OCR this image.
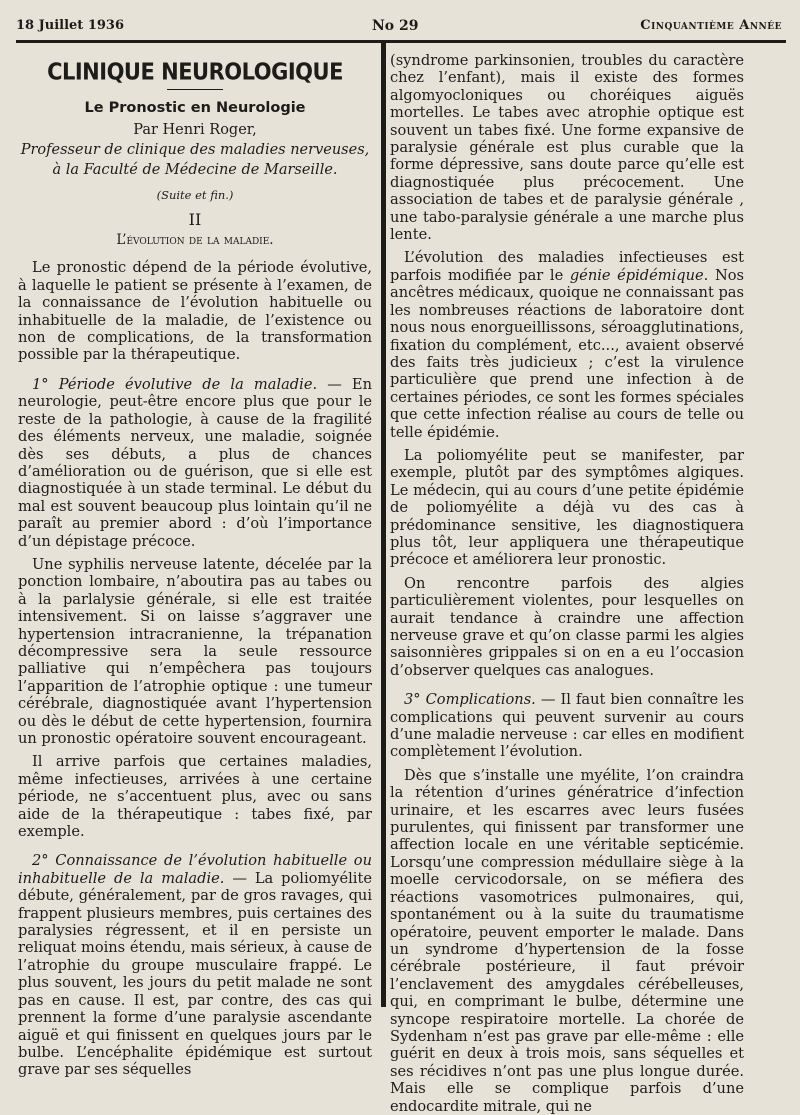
18 Juillet 1936	No 29	Cinquantième Année
CLINIQUE NEUROLOGIQUE
Le Pronostic en Neurologie
Par Henri Roger,
Professeur de clinique des maladies nerveuses,
à la Faculté de Médecine de Marseille.
(Suite et fin.)
II
L’évolution de la maladie.

Le pronostic dépend de la période évolutive, à laquelle le patient se présente à l’examen, de la connaissance de l’évolution habituelle ou inhabituelle de la maladie, de l’existence ou non de complications, de la transformation possible par la thérapeutique.

1° Période évolutive de la maladie. — En neurologie, peut-être encore plus que pour le reste de la pathologie, à cause de la fragilité des éléments nerveux, une maladie, soignée dès ses débuts, a plus de chances d’amélioration ou de guérison, que si elle est diagnostiquée à un stade terminal. Le début du mal est souvent beaucoup plus lointain qu’il ne paraît au premier abord : d’où l’importance d’un dépistage précoce.

Une syphilis nerveuse latente, décelée par la ponction lombaire, n’aboutira pas au tabes ou à la parlalysie générale, si elle est traitée intensivement. Si on laisse s’aggraver une hypertension intracranienne, la trépanation décompressive sera la seule ressource palliative qui n’empêchera pas toujours l’apparition de l’atrophie optique : une tumeur cérébrale, diagnostiquée avant l’hypertension ou dès le début de cette hypertension, fournira un pronostic opératoire souvent encourageant.

Il arrive parfois que certaines maladies, même infectieuses, arrivées à une certaine période, ne s’accentuent plus, avec ou sans aide de la thérapeutique : tabes fixé, par exemple.

2° Connaissance de l’évolution habituelle ou inhabituelle de la maladie. — La poliomyélite débute, généralement, par de gros ravages, qui frappent plusieurs membres, puis certaines des paralysies régressent, et il en persiste un reliquat moins étendu, mais sérieux, à cause de l’atrophie du groupe musculaire frappé. Le plus souvent, les jours du petit malade ne sont pas en cause. Il est, par contre, des cas qui prennent la forme d’une paralysie ascendante aiguë et qui finissent en quelques jours par le bulbe. L’encéphalite épidémique est surtout grave par ses séquelles

(syndrome parkinsonien, troubles du caractère chez l’enfant), mais il existe des formes algomyocloniques ou choréiques aiguës mortelles. Le tabes avec atrophie optique est souvent un tabes fixé. Une forme expansive de paralysie générale est plus curable que la forme dépressive, sans doute parce qu’elle est diagnostiquée plus précocement. Une association de tabes et de paralysie générale , une tabo-paralysie générale a une marche plus lente.

L’évolution des maladies infectieuses est parfois modifiée par le génie épidémique. Nos ancêtres médicaux, quoique ne connaissant pas les nombreuses réactions de laboratoire dont nous nous enorgueillissons, séroagglutinations, fixation du complément, etc..., avaient observé des faits très judicieux ; c’est la virulence particulière que prend une infection à de certaines périodes, ce sont les formes spéciales que cette infection réalise au cours de telle ou telle épidémie.

La poliomyélite peut se manifester, par exemple, plutôt par des symptômes algiques. Le médecin, qui au cours d’une petite épidémie de poliomyélite a déjà vu des cas à prédominance sensitive, les diagnostiquera plus tôt, leur appliquera une thérapeutique précoce et améliorera leur pronostic.

On rencontre parfois des algies particulièrement violentes, pour lesquelles on aurait tendance à craindre une affection nerveuse grave et qu’on classe parmi les algies saisonnières grippales si on en a eu l’occasion d’observer quelques cas analogues.

3° Complications. — Il faut bien connaître les complications qui peuvent survenir au cours d’une maladie nerveuse : car elles en modifient complètement l’évolution.

Dès que s’installe une myélite, l’on craindra la rétention d’urines génératrice d’infection urinaire, et les escarres avec leurs fusées purulentes, qui finissent par transformer une affection locale en une véritable septicémie. Lorsqu’une compression médullaire siège à la moelle cervicodorsale, on se méfiera des réactions vasomotrices pulmonaires, qui, spontanément ou à la suite du traumatisme opératoire, peuvent emporter le malade. Dans un syndrome d’hypertension de la fosse cérébrale postérieure, il faut prévoir l’enclavement des amygdales cérébelleuses, qui, en comprimant le bulbe, détermine une syncope respiratoire mortelle. La chorée de Sydenham n’est pas grave par elle-même : elle guérit en deux à trois mois, sans séquelles et ses récidives n’ont pas une plus longue durée. Mais elle se complique parfois d’une endocardite mitrale, qui ne
